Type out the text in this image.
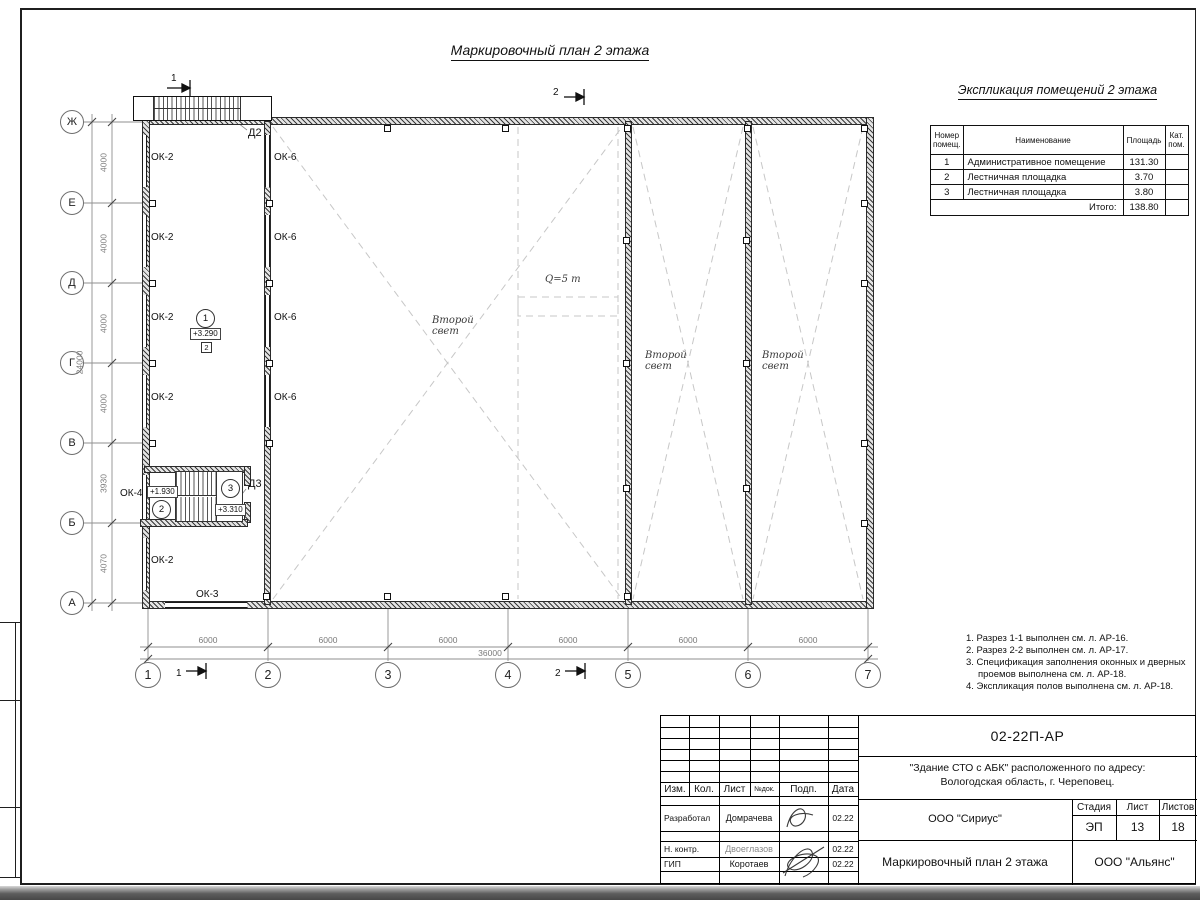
Маркировочный план 2 этажа
ОК-2
ОК-2
ОК-2
ОК-2
ОК-2
ОК-6
ОК-6
ОК-6
ОК-6
ОК-4
ОК-3
Д2
Д3
Второй
свет
Второй
свет
Второй
свет
Q=5 т
1
+3.290
2
2
3
+1.930
+3.310
1
1
2
2
Ж
Е
Д
Г
В
Б
А
1	2	3	4	5	6	7
6000	6000	6000	6000	6000	6000
36000
4000
4000
4000
4000
3930
4070
24000
Экспликация помещений 2 этажа
Номер помещ.	Наименование	Площадь	Кат. пом.
1	Административное помещение	131.30	
2	Лестничная площадка	3.70	
3	Лестничная площадка	3.80	
Итого:		138.80	
1. Разрез 1-1 выполнен см. л. АР-16.
2. Разрез 2-2 выполнен см. л. АР-17.
3. Спецификация заполнения оконных и дверных проемов выполнена см. л. АР-18.
4. Экспликация полов выполнена см. л. АР-18.
Изм. Кол. Лист	№док.	Подп.	Дата
Разработал	Домрачева	02.22
Н. контр.	Двоеглазов	02.22
ГИП	Коротаев	02.22
02-22П-АР
"Здание СТО с АБК" расположенного по адресу:
Вологодская область, г. Череповец.
ООО "Сириус"
Маркировочный план 2 этажа
Стадия	Лист	Листов
ЭП	13	18
ООО "Альянс"
